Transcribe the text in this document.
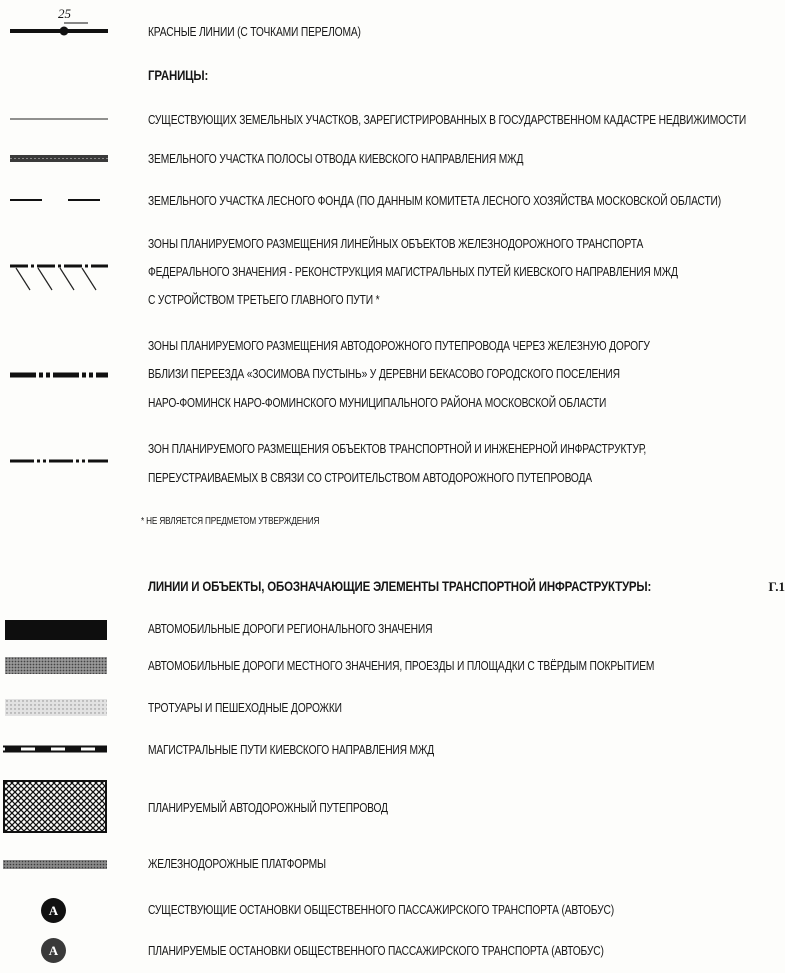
25
КРАСНЫЕ ЛИНИИ (С ТОЧКАМИ ПЕРЕЛОМА)
ГРАНИЦЫ:
СУЩЕСТВУЮЩИХ ЗЕМЕЛЬНЫХ УЧАСТКОВ, ЗАРЕГИСТРИРОВАННЫХ В ГОСУДАРСТВЕННОМ КАДАСТРЕ НЕДВИЖИМОСТИ
ЗЕМЕЛЬНОГО УЧАСТКА ПОЛОСЫ ОТВОДА КИЕВСКОГО НАПРАВЛЕНИЯ МЖД
ЗЕМЕЛЬНОГО УЧАСТКА ЛЕСНОГО ФОНДА (ПО ДАННЫМ КОМИТЕТА ЛЕСНОГО ХОЗЯЙСТВА МОСКОВСКОЙ ОБЛАСТИ)
ЗОНЫ ПЛАНИРУЕМОГО РАЗМЕЩЕНИЯ ЛИНЕЙНЫХ ОБЪЕКТОВ ЖЕЛЕЗНОДОРОЖНОГО ТРАНСПОРТА
ФЕДЕРАЛЬНОГО ЗНАЧЕНИЯ - РЕКОНСТРУКЦИЯ МАГИСТРАЛЬНЫХ ПУТЕЙ КИЕВСКОГО НАПРАВЛЕНИЯ МЖД
С УСТРОЙСТВОМ ТРЕТЬЕГО ГЛАВНОГО ПУТИ *
ЗОНЫ ПЛАНИРУЕМОГО РАЗМЕЩЕНИЯ АВТОДОРОЖНОГО ПУТЕПРОВОДА ЧЕРЕЗ ЖЕЛЕЗНУЮ ДОРОГУ
ВБЛИЗИ ПЕРЕЕЗДА «ЗОСИМОВА ПУСТЫНЬ» У ДЕРЕВНИ БЕКАСОВО ГОРОДСКОГО ПОСЕЛЕНИЯ
НАРО-ФОМИНСК НАРО-ФОМИНСКОГО МУНИЦИПАЛЬНОГО РАЙОНА МОСКОВСКОЙ ОБЛАСТИ
ЗОН ПЛАНИРУЕМОГО РАЗМЕЩЕНИЯ ОБЪЕКТОВ ТРАНСПОРТНОЙ И ИНЖЕНЕРНОЙ ИНФРАСТРУКТУР,
ПЕРЕУСТРАИВАЕМЫХ В СВЯЗИ СО СТРОИТЕЛЬСТВОМ АВТОДОРОЖНОГО ПУТЕПРОВОДА
* НЕ ЯВЛЯЕТСЯ ПРЕДМЕТОМ УТВЕРЖДЕНИЯ
ЛИНИИ И ОБЪЕКТЫ, ОБОЗНАЧАЮЩИЕ ЭЛЕМЕНТЫ ТРАНСПОРТНОЙ ИНФРАСТРУКТУРЫ:	Г.1
АВТОМОБИЛЬНЫЕ ДОРОГИ РЕГИОНАЛЬНОГО ЗНАЧЕНИЯ
АВТОМОБИЛЬНЫЕ ДОРОГИ МЕСТНОГО ЗНАЧЕНИЯ, ПРОЕЗДЫ И ПЛОЩАДКИ С ТВЁРДЫМ ПОКРЫТИЕМ
ТРОТУАРЫ И ПЕШЕХОДНЫЕ ДОРОЖКИ
МАГИСТРАЛЬНЫЕ ПУТИ КИЕВСКОГО НАПРАВЛЕНИЯ МЖД
ПЛАНИРУЕМЫЙ АВТОДОРОЖНЫЙ ПУТЕПРОВОД
ЖЕЛЕЗНОДОРОЖНЫЕ ПЛАТФОРМЫ
A	СУЩЕСТВУЮЩИЕ ОСТАНОВКИ ОБЩЕСТВЕННОГО ПАССАЖИРСКОГО ТРАНСПОРТА (АВТОБУС)
A	ПЛАНИРУЕМЫЕ ОСТАНОВКИ ОБЩЕСТВЕННОГО ПАССАЖИРСКОГО ТРАНСПОРТА (АВТОБУС)
